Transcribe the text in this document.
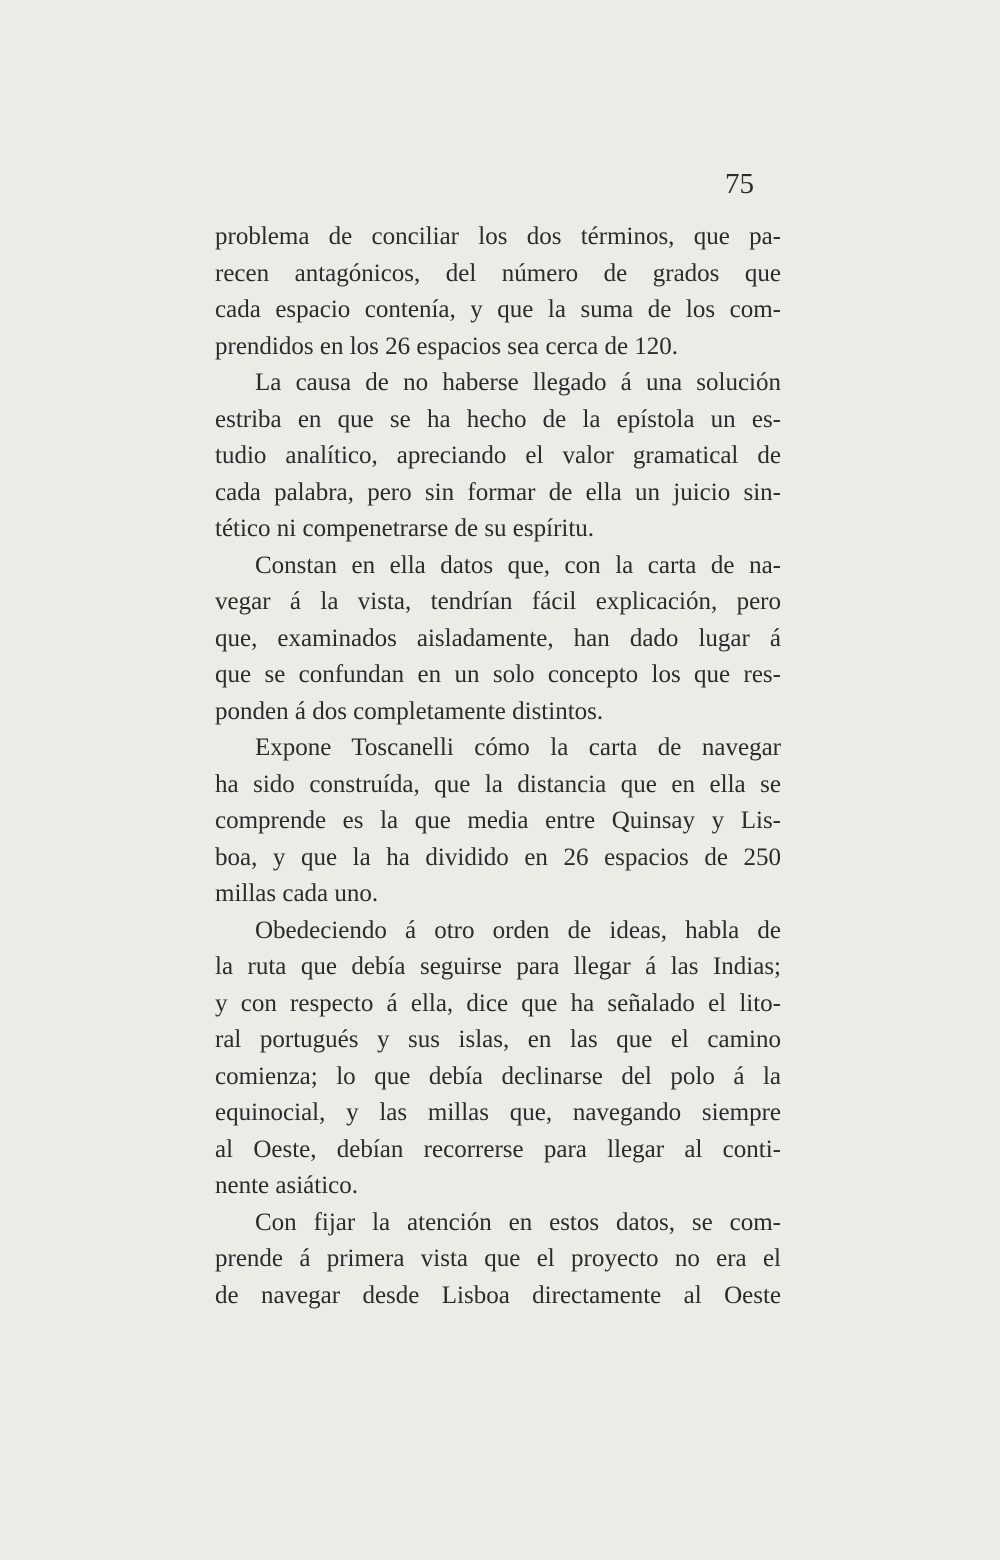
75
problema de conciliar los dos términos, que pa-
recen antagónicos, del número de grados que
cada espacio contenía, y que la suma de los com-
prendidos en los 26 espacios sea cerca de 120.
La causa de no haberse llegado á una solución
estriba en que se ha hecho de la epístola un es-
tudio analítico, apreciando el valor gramatical de
cada palabra, pero sin formar de ella un juicio sin-
tético ni compenetrarse de su espíritu.
Constan en ella datos que, con la carta de na-
vegar á la vista, tendrían fácil explicación, pero
que, examinados aisladamente, han dado lugar á
que se confundan en un solo concepto los que res-
ponden á dos completamente distintos.
Expone Toscanelli cómo la carta de navegar
ha sido construída, que la distancia que en ella se
comprende es la que media entre Quinsay y Lis-
boa, y que la ha dividido en 26 espacios de 250
millas cada uno.
Obedeciendo á otro orden de ideas, habla de
la ruta que debía seguirse para llegar á las Indias;
y con respecto á ella, dice que ha señalado el lito-
ral portugués y sus islas, en las que el camino
comienza; lo que debía declinarse del polo á la
equinocial, y las millas que, navegando siempre
al Oeste, debían recorrerse para llegar al conti-
nente asiático.
Con fijar la atención en estos datos, se com-
prende á primera vista que el proyecto no era el
de navegar desde Lisboa directamente al Oeste
